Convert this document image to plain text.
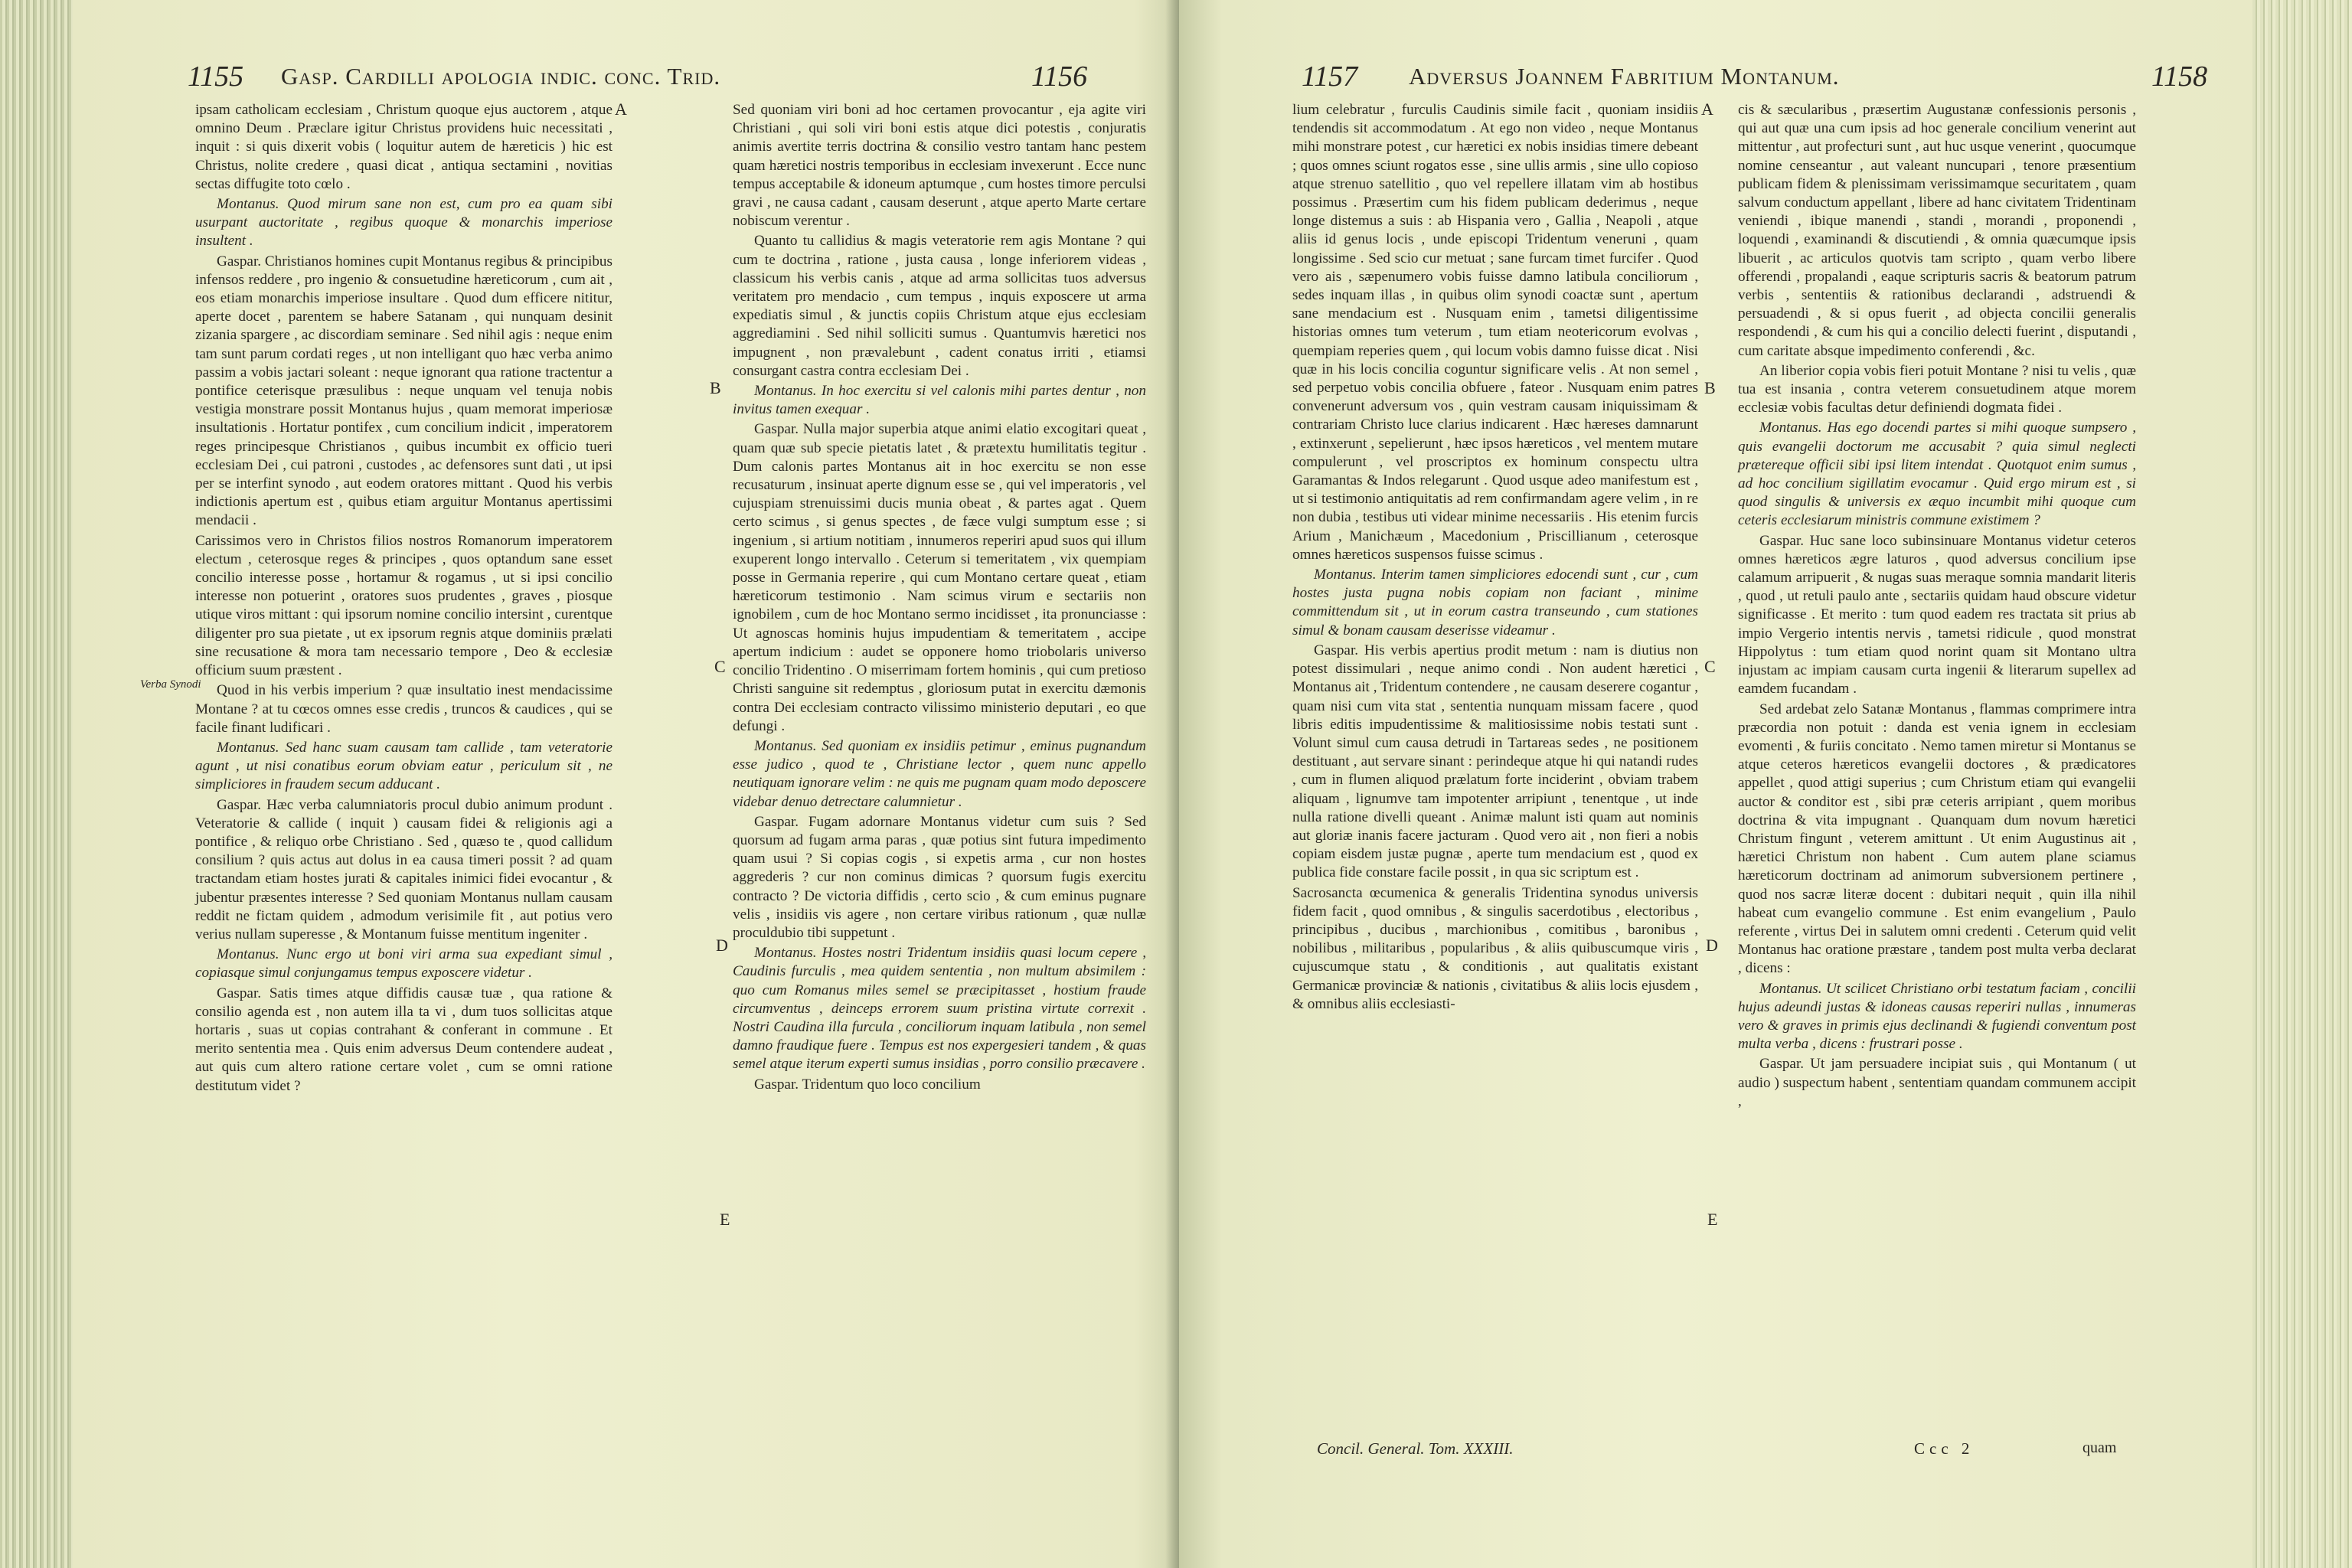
1155 Gasp. Cardilli apologia indic. conc. Trid.	1156
Verba Synodi

ipsam catholicam ecclesiam , Christum quoque ejus auctorem , atque omnino Deum . Præclare igitur Christus providens huic necessitati , inquit : si quis dixerit vobis ( loquitur autem de hæreticis ) hic est Christus, nolite credere , quasi dicat , antiqua sectamini , novitias sectas diffugite toto cœlo .

Montanus. Quod mirum sane non est, cum pro ea quam sibi usurpant auctoritate , regibus quoque & monarchis imperiose insultent .

Gaspar. Christianos homines cupit Montanus regibus & principibus infensos reddere , pro ingenio & consuetudine hæreticorum , cum ait , eos etiam monarchis imperiose insultare . Quod dum efficere nititur, aperte docet , parentem se habere Satanam , qui nunquam desinit zizania spargere , ac discordiam seminare . Sed nihil agis : neque enim tam sunt parum cordati reges , ut non intelligant quo hæc verba animo passim a vobis jactari soleant : neque ignorant qua ratione tractentur a pontifice ceterisque præsulibus : neque unquam vel tenuja nobis vestigia monstrare possit Montanus hujus , quam memorat imperiosæ insultationis . Hortatur pontifex , cum concilium indicit , imperatorem reges principesque Christianos , quibus incumbit ex officio tueri ecclesiam Dei , cui patroni , custodes , ac defensores sunt dati , ut ipsi per se interfint synodo , aut eodem oratores mittant . Quod his verbis indictionis apertum est , quibus etiam arguitur Montanus apertissimi mendacii .

Carissimos vero in Christos filios nostros Romanorum imperatorem electum , ceterosque reges & principes , quos optandum sane esset concilio interesse posse , hortamur & rogamus , ut si ipsi concilio interesse non potuerint , oratores suos prudentes , graves , piosque utique viros mittant : qui ipsorum nomine concilio intersint , curentque diligenter pro sua pietate , ut ex ipsorum regnis atque dominiis prælati sine recusatione & mora tam necessario tempore , Deo & ecclesiæ officium suum præstent .

Quod in his verbis imperium ? quæ insultatio inest mendacissime Montane ? at tu cœcos omnes esse credis , truncos & caudices , qui se facile finant ludificari .

Montanus. Sed hanc suam causam tam callide , tam veteratorie agunt , ut nisi conatibus eorum obviam eatur , periculum sit , ne simpliciores in fraudem secum adducant .

Gaspar. Hæc verba calumniatoris procul dubio animum produnt . Veteratorie & callide ( inquit ) causam fidei & religionis agi a pontifice , & reliquo orbe Christiano . Sed , quæso te , quod callidum consilium ? quis actus aut dolus in ea causa timeri possit ? ad quam tractandam etiam hostes jurati & capitales inimici fidei evocantur , & jubentur præsentes interesse ? Sed quoniam Montanus nullam causam reddit ne fictam quidem , admodum verisimile fit , aut potius vero verius nullam superesse , & Montanum fuisse mentitum ingeniter .

Montanus. Nunc ergo ut boni viri arma sua expediant simul , copiasque simul conjungamus tempus exposcere videtur .

Gaspar. Satis times atque diffidis causæ tuæ , qua ratione & consilio agenda est , non autem illa ta vi , dum tuos sollicitas atque hortaris , suas ut copias contrahant & conferant in commune . Et merito sententia mea . Quis enim adversus Deum contendere audeat , aut quis cum altero ratione certare volet , cum se omni ratione destitutum videt ?

A
B
C
D
E

Sed quoniam viri boni ad hoc certamen provocantur , eja agite viri Christiani , qui soli viri boni estis atque dici potestis , conjuratis animis avertite terris doctrina & consilio vestro tantam hanc pestem quam hæretici nostris temporibus in ecclesiam invexerunt . Ecce nunc tempus acceptabile & idoneum aptumque , cum hostes timore perculsi gravi , ne causa cadant , causam deserunt , atque aperto Marte certare nobiscum verentur .

Quanto tu callidius & magis veteratorie rem agis Montane ? qui cum te doctrina , ratione , justa causa , longe inferiorem videas , classicum his verbis canis , atque ad arma sollicitas tuos adversus veritatem pro mendacio , cum tempus , inquis exposcere ut arma expediatis simul , & junctis copiis Christum atque ejus ecclesiam aggrediamini . Sed nihil solliciti sumus . Quantumvis hæretici nos impugnent , non prævalebunt , cadent conatus irriti , etiamsi consurgant castra contra ecclesiam Dei .

Montanus. In hoc exercitu si vel calonis mihi partes dentur , non invitus tamen exequar .

Gaspar. Nulla major superbia atque animi elatio excogitari queat , quam quæ sub specie pietatis latet , & prætextu humilitatis tegitur . Dum calonis partes Montanus ait in hoc exercitu se non esse recusaturum , insinuat aperte dignum esse se , qui vel imperatoris , vel cujuspiam strenuissimi ducis munia obeat , & partes agat . Quem certo scimus , si genus spectes , de fæce vulgi sumptum esse ; si ingenium , si artium notitiam , innumeros reperiri apud suos qui illum exuperent longo intervallo . Ceterum si temeritatem , vix quempiam posse in Germania reperire , qui cum Montano certare queat , etiam hæreticorum testimonio . Nam scimus virum e sectariis non ignobilem , cum de hoc Montano sermo incidisset , ita pronunciasse : Ut agnoscas hominis hujus impudentiam & temeritatem , accipe apertum indicium : audet se opponere homo triobolaris universo concilio Tridentino . O miserrimam fortem hominis , qui cum pretioso Christi sanguine sit redemptus , gloriosum putat in exercitu dæmonis contra Dei ecclesiam contracto vilissimo ministerio deputari , eo que defungi .

Montanus. Sed quoniam ex insidiis petimur , eminus pugnandum esse judico , quod te , Christiane lector , quem nunc appello neutiquam ignorare velim : ne quis me pugnam quam modo deposcere videbar denuo detrectare calumnietur .

Gaspar. Fugam adornare Montanus videtur cum suis ? Sed quorsum ad fugam arma paras , quæ potius sint futura impedimento quam usui ? Si copias cogis , si expetis arma , cur non hostes aggrederis ? cur non cominus dimicas ? quorsum fugis exercitu contracto ? De victoria diffidis , certo scio , & cum eminus pugnare velis , insidiis vis agere , non certare viribus rationum , quæ nullæ proculdubio tibi suppetunt .

Montanus. Hostes nostri Tridentum insidiis quasi locum cepere , Caudinis furculis , mea quidem sententia , non multum absimilem : quo cum Romanus miles semel se præcipitasset , hostium fraude circumventus , deinceps errorem suum pristina virtute correxit . Nostri Caudina illa furcula , conciliorum inquam latibula , non semel damno fraudique fuere . Tempus est nos expergesieri tandem , & quas semel atque iterum experti sumus insidias , porro consilio præcavere .

Gaspar. Tridentum quo loco concilium

1157 Adversus Joannem Fabritium Montanum.	1158

lium celebratur , furculis Caudinis simile facit , quoniam insidiis tendendis sit accommodatum . At ego non video , neque Montanus mihi monstrare potest , cur hæretici ex nobis insidias timere debeant ; quos omnes sciunt rogatos esse , sine ullis armis , sine ullo copioso atque strenuo satellitio , quo vel repellere illatam vim ab hostibus possimus . Præsertim cum his fidem publicam dederimus , neque longe distemus a suis : ab Hispania vero , Gallia , Neapoli , atque aliis id genus locis , unde episcopi Tridentum veneruni , quam longissime . Sed scio cur metuat ; sane furcam timet furcifer . Quod vero ais , sæpenumero vobis fuisse damno latibula conciliorum , sedes inquam illas , in quibus olim synodi coactæ sunt , apertum sane mendacium est . Nusquam enim , tametsi diligentissime historias omnes tum veterum , tum etiam neotericorum evolvas , quempiam reperies quem , qui locum vobis damno fuisse dicat . Nisi quæ in his locis concilia coguntur significare velis . At non semel , sed perpetuo vobis concilia obfuere , fateor . Nusquam enim patres convenerunt adversum vos , quin vestram causam iniquissimam & contrariam Christo luce clarius indicarent . Hæc hæreses damnarunt , extinxerunt , sepelierunt , hæc ipsos hæreticos , vel mentem mutare compulerunt , vel proscriptos ex hominum conspectu ultra Garamantas & Indos relegarunt . Quod usque adeo manifestum est , ut si testimonio antiquitatis ad rem confirmandam agere velim , in re non dubia , testibus uti videar minime necessariis . His etenim furcis Arium , Manichæum , Macedonium , Priscillianum , ceterosque omnes hæreticos suspensos fuisse scimus .

Montanus. Interim tamen simpliciores edocendi sunt , cur , cum hostes justa pugna nobis copiam non faciant , minime committendum sit , ut in eorum castra transeundo , cum stationes simul & bonam causam deserisse videamur .

Gaspar. His verbis apertius prodit metum : nam is diutius non potest dissimulari , neque animo condi . Non audent hæretici , Montanus ait , Tridentum contendere , ne causam deserere cogantur , quam nisi cum vita stat , sententia nunquam missam facere , quod libris editis impudentissime & malitiosissime nobis testati sunt . Volunt simul cum causa detrudi in Tartareas sedes , ne positionem destituant , aut servare sinant : perindeque atque hi qui natandi rudes , cum in flumen aliquod prælatum forte inciderint , obviam trabem aliquam , lignumve tam impotenter arripiunt , tenentque , ut inde nulla ratione divelli queant . Animæ malunt isti quam aut nominis aut gloriæ inanis facere jacturam . Quod vero ait , non fieri a nobis copiam eisdem justæ pugnæ , aperte tum mendacium est , quod ex publica fide constare facile possit , in qua sic scriptum est .

Sacrosancta œcumenica & generalis Tridentina synodus universis fidem facit , quod omnibus , & singulis sacerdotibus , electoribus , principibus , ducibus , marchionibus , comitibus , baronibus , nobilibus , militaribus , popularibus , & aliis quibuscumque viris , cujuscumque statu , & conditionis , aut qualitatis existant Germanicæ provinciæ & nationis , civitatibus & aliis locis ejusdem , & omnibus aliis ecclesiasti-

A
B
C
D
E

cis & sæcularibus , præsertim Augustanæ confessionis personis , qui aut quæ una cum ipsis ad hoc generale concilium venerint aut mittentur , aut profecturi sunt , aut huc usque venerint , quocumque nomine censeantur , aut valeant nuncupari , tenore præsentium publicam fidem & plenissimam verissimamque securitatem , quam salvum conductum appellant , libere ad hanc civitatem Tridentinam veniendi , ibique manendi , standi , morandi , proponendi , loquendi , examinandi & discutiendi , & omnia quæcumque ipsis libuerit , ac articulos quotvis tam scripto , quam verbo libere offerendi , propalandi , eaque scripturis sacris & beatorum patrum verbis , sententiis & rationibus declarandi , adstruendi & persuadendi , & si opus fuerit , ad objecta concilii generalis respondendi , & cum his qui a concilio delecti fuerint , disputandi , cum caritate absque impedimento conferendi , &c.

An liberior copia vobis fieri potuit Montane ? nisi tu velis , quæ tua est insania , contra veterem consuetudinem atque morem ecclesiæ vobis facultas detur definiendi dogmata fidei .

Montanus. Has ego docendi partes si mihi quoque sumpsero , quis evangelii doctorum me accusabit ? quia simul neglecti prætereque officii sibi ipsi litem intendat . Quotquot enim sumus , ad hoc concilium sigillatim evocamur . Quid ergo mirum est , si quod singulis & universis ex æquo incumbit mihi quoque cum ceteris ecclesiarum ministris commune existimem ?

Gaspar. Huc sane loco subinsinuare Montanus videtur ceteros omnes hæreticos ægre laturos , quod adversus concilium ipse calamum arripuerit , & nugas suas meraque somnia mandarit literis , quod , ut retuli paulo ante , sectariis quidam haud obscure videtur significasse . Et merito : tum quod eadem res tractata sit prius ab impio Vergerio intentis nervis , tametsi ridicule , quod monstrat Hippolytus : tum etiam quod norint quam sit Montano ultra injustam ac impiam causam curta ingenii & literarum supellex ad eamdem fucandam .

Sed ardebat zelo Satanæ Montanus , flammas comprimere intra præcordia non potuit : danda est venia ignem in ecclesiam evomenti , & furiis concitato . Nemo tamen miretur si Montanus se atque ceteros hæreticos evangelii doctores , & prædicatores appellet , quod attigi superius ; cum Christum etiam qui evangelii auctor & conditor est , sibi præ ceteris arripiant , quem moribus doctrina & vita impugnant . Quanquam dum novum hæretici Christum fingunt , veterem amittunt . Ut enim Augustinus ait , hæretici Christum non habent . Cum autem plane sciamus hæreticorum doctrinam ad animorum subversionem pertinere , quod nos sacræ literæ docent : dubitari nequit , quin illa nihil habeat cum evangelio commune . Est enim evangelium , Paulo referente , virtus Dei in salutem omni credenti . Ceterum quid velit Montanus hac oratione præstare , tandem post multa verba declarat , dicens :

Montanus. Ut scilicet Christiano orbi testatum faciam , concilii hujus adeundi justas & idoneas causas reperiri nullas , innumeras vero & graves in primis ejus declinandi & fugiendi conventum post multa verba , dicens : frustrari posse .

Gaspar. Ut jam persuadere incipiat suis , qui Montanum ( ut audio ) suspectum habent , sententiam quandam communem accipit ,

Concil. General. Tom. XXXIII.	Ccc 2	quam
